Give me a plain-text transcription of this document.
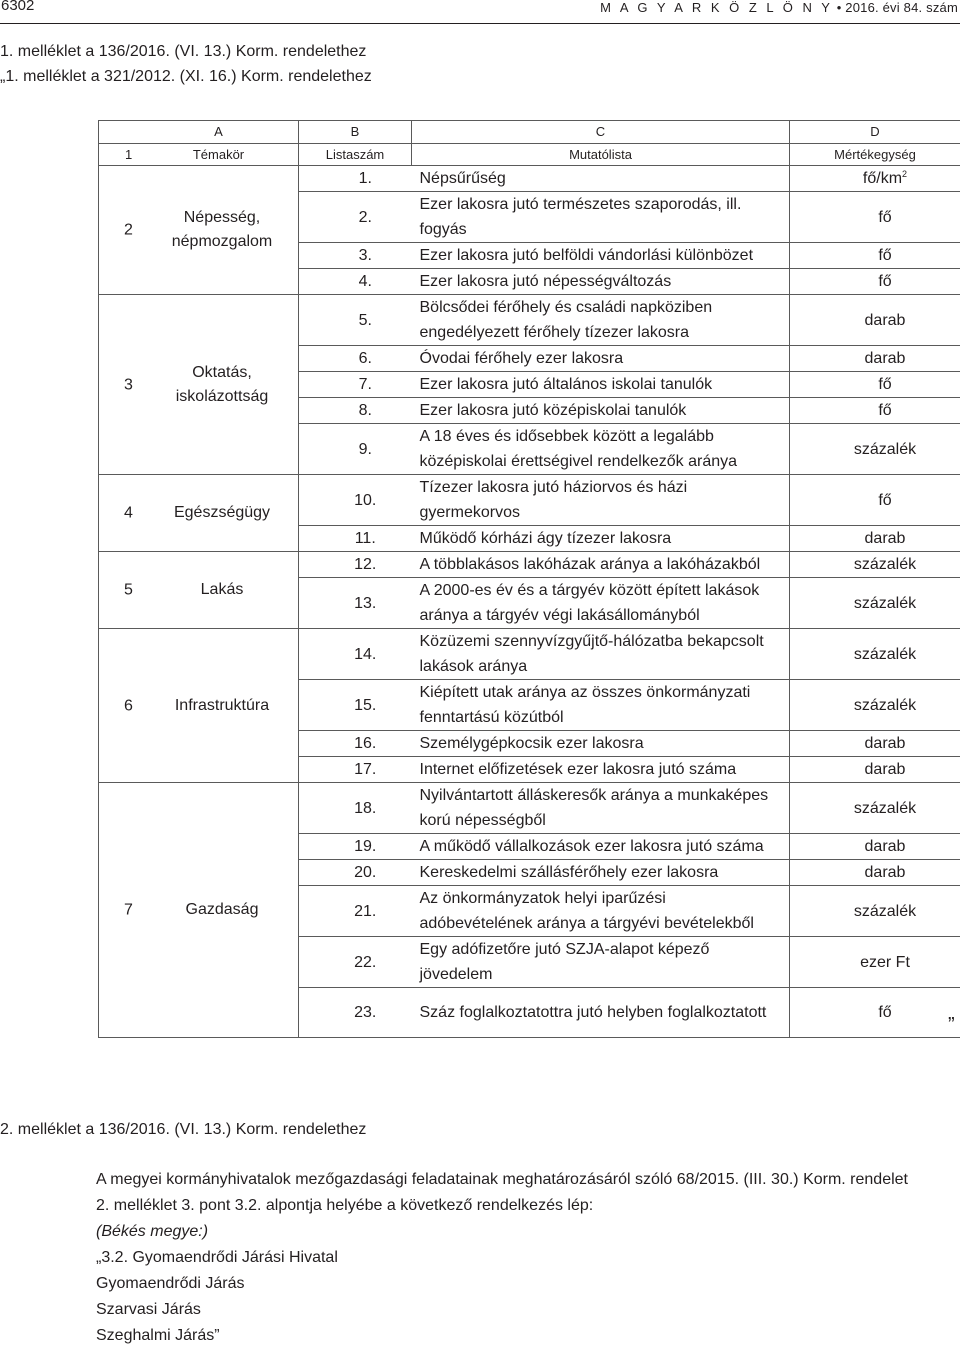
6302	M A G Y A R K Ö Z L Ö N Y • 2016. évi 84. szám
1. melléklet a 136/2016. (VI. 13.) Korm. rendelethez
„1. melléklet a 321/2012. (XI. 16.) Korm. rendelethez
A	B	C	D

1 Témakör	Listaszám	Mutatólista	Mértékegység

2
Népesség, népmozgalom	1.	Népsűrűség	$fő/km^2$
	2.	Ezer lakosra jutó természetes szaporodás, ill. fogyás	fő
	3.	Ezer lakosra jutó belföldi vándorlási különbözet	fő
	4.	Ezer lakosra jutó népességváltozás	fő

3
Oktatás, iskolázottság	5.	Bölcsődei férőhely és családi napköziben engedélyezett férőhely tízezer lakosra	darab
	6.	Óvodai férőhely ezer lakosra	darab
	7.	Ezer lakosra jutó általános iskolai tanulók	fő
	8.	Ezer lakosra jutó középiskolai tanulók	fő
	9.	A 18 éves és idősebbek között a legalább középiskolai érettségivel rendelkezők aránya	százalék

4 Egészségügy	10.	Tízezer lakosra jutó háziorvos és házi gyermekorvos	fő
	11.	Működő kórházi ágy tízezer lakosra	darab

5 Lakás	12.	A többlakásos lakóházak aránya a lakóházakból	százalék
	13.	A 2000-es év és a tárgyév között épített lakások aránya a tárgyév végi lakásállományból	százalék

6 Infrastruktúra	14.	Közüzemi szennyvízgyűjtő-hálózatba bekapcsolt lakások aránya	százalék
	15.	Kiépített utak aránya az összes önkormányzati fenntartású közútból	százalék
	16.	Személygépkocsik ezer lakosra	darab
	17.	Internet előfizetések ezer lakosra jutó száma	darab

7 Gazdaság	18.	Nyilvántartott álláskeresők aránya a munkaképes korú népességből	százalék
	19.	A működő vállalkozások ezer lakosra jutó száma	darab
	20.	Kereskedelmi szállásférőhely ezer lakosra	darab
	21.	Az önkormányzatok helyi iparűzési adóbevételének aránya a tárgyévi bevételekből	százalék
	22.	Egy adófizetőre jutó SZJA-alapot képező jövedelem	ezer Ft
	23.	Száz foglalkoztatottra jutó helyben foglalkoztatott	fő
”
2. melléklet a 136/2016. (VI. 13.) Korm. rendelethez
A megyei kormányhivatalok mezőgazdasági feladatainak meghatározásáról szóló 68/2015. (III. 30.) Korm. rendelet
2. melléklet 3. pont 3.2. alpontja helyébe a következő rendelkezés lép:
(Békés megye:)
„3.2. Gyomaendrődi Járási Hivatal
Gyomaendrődi Járás
Szarvasi Járás
Szeghalmi Járás”
